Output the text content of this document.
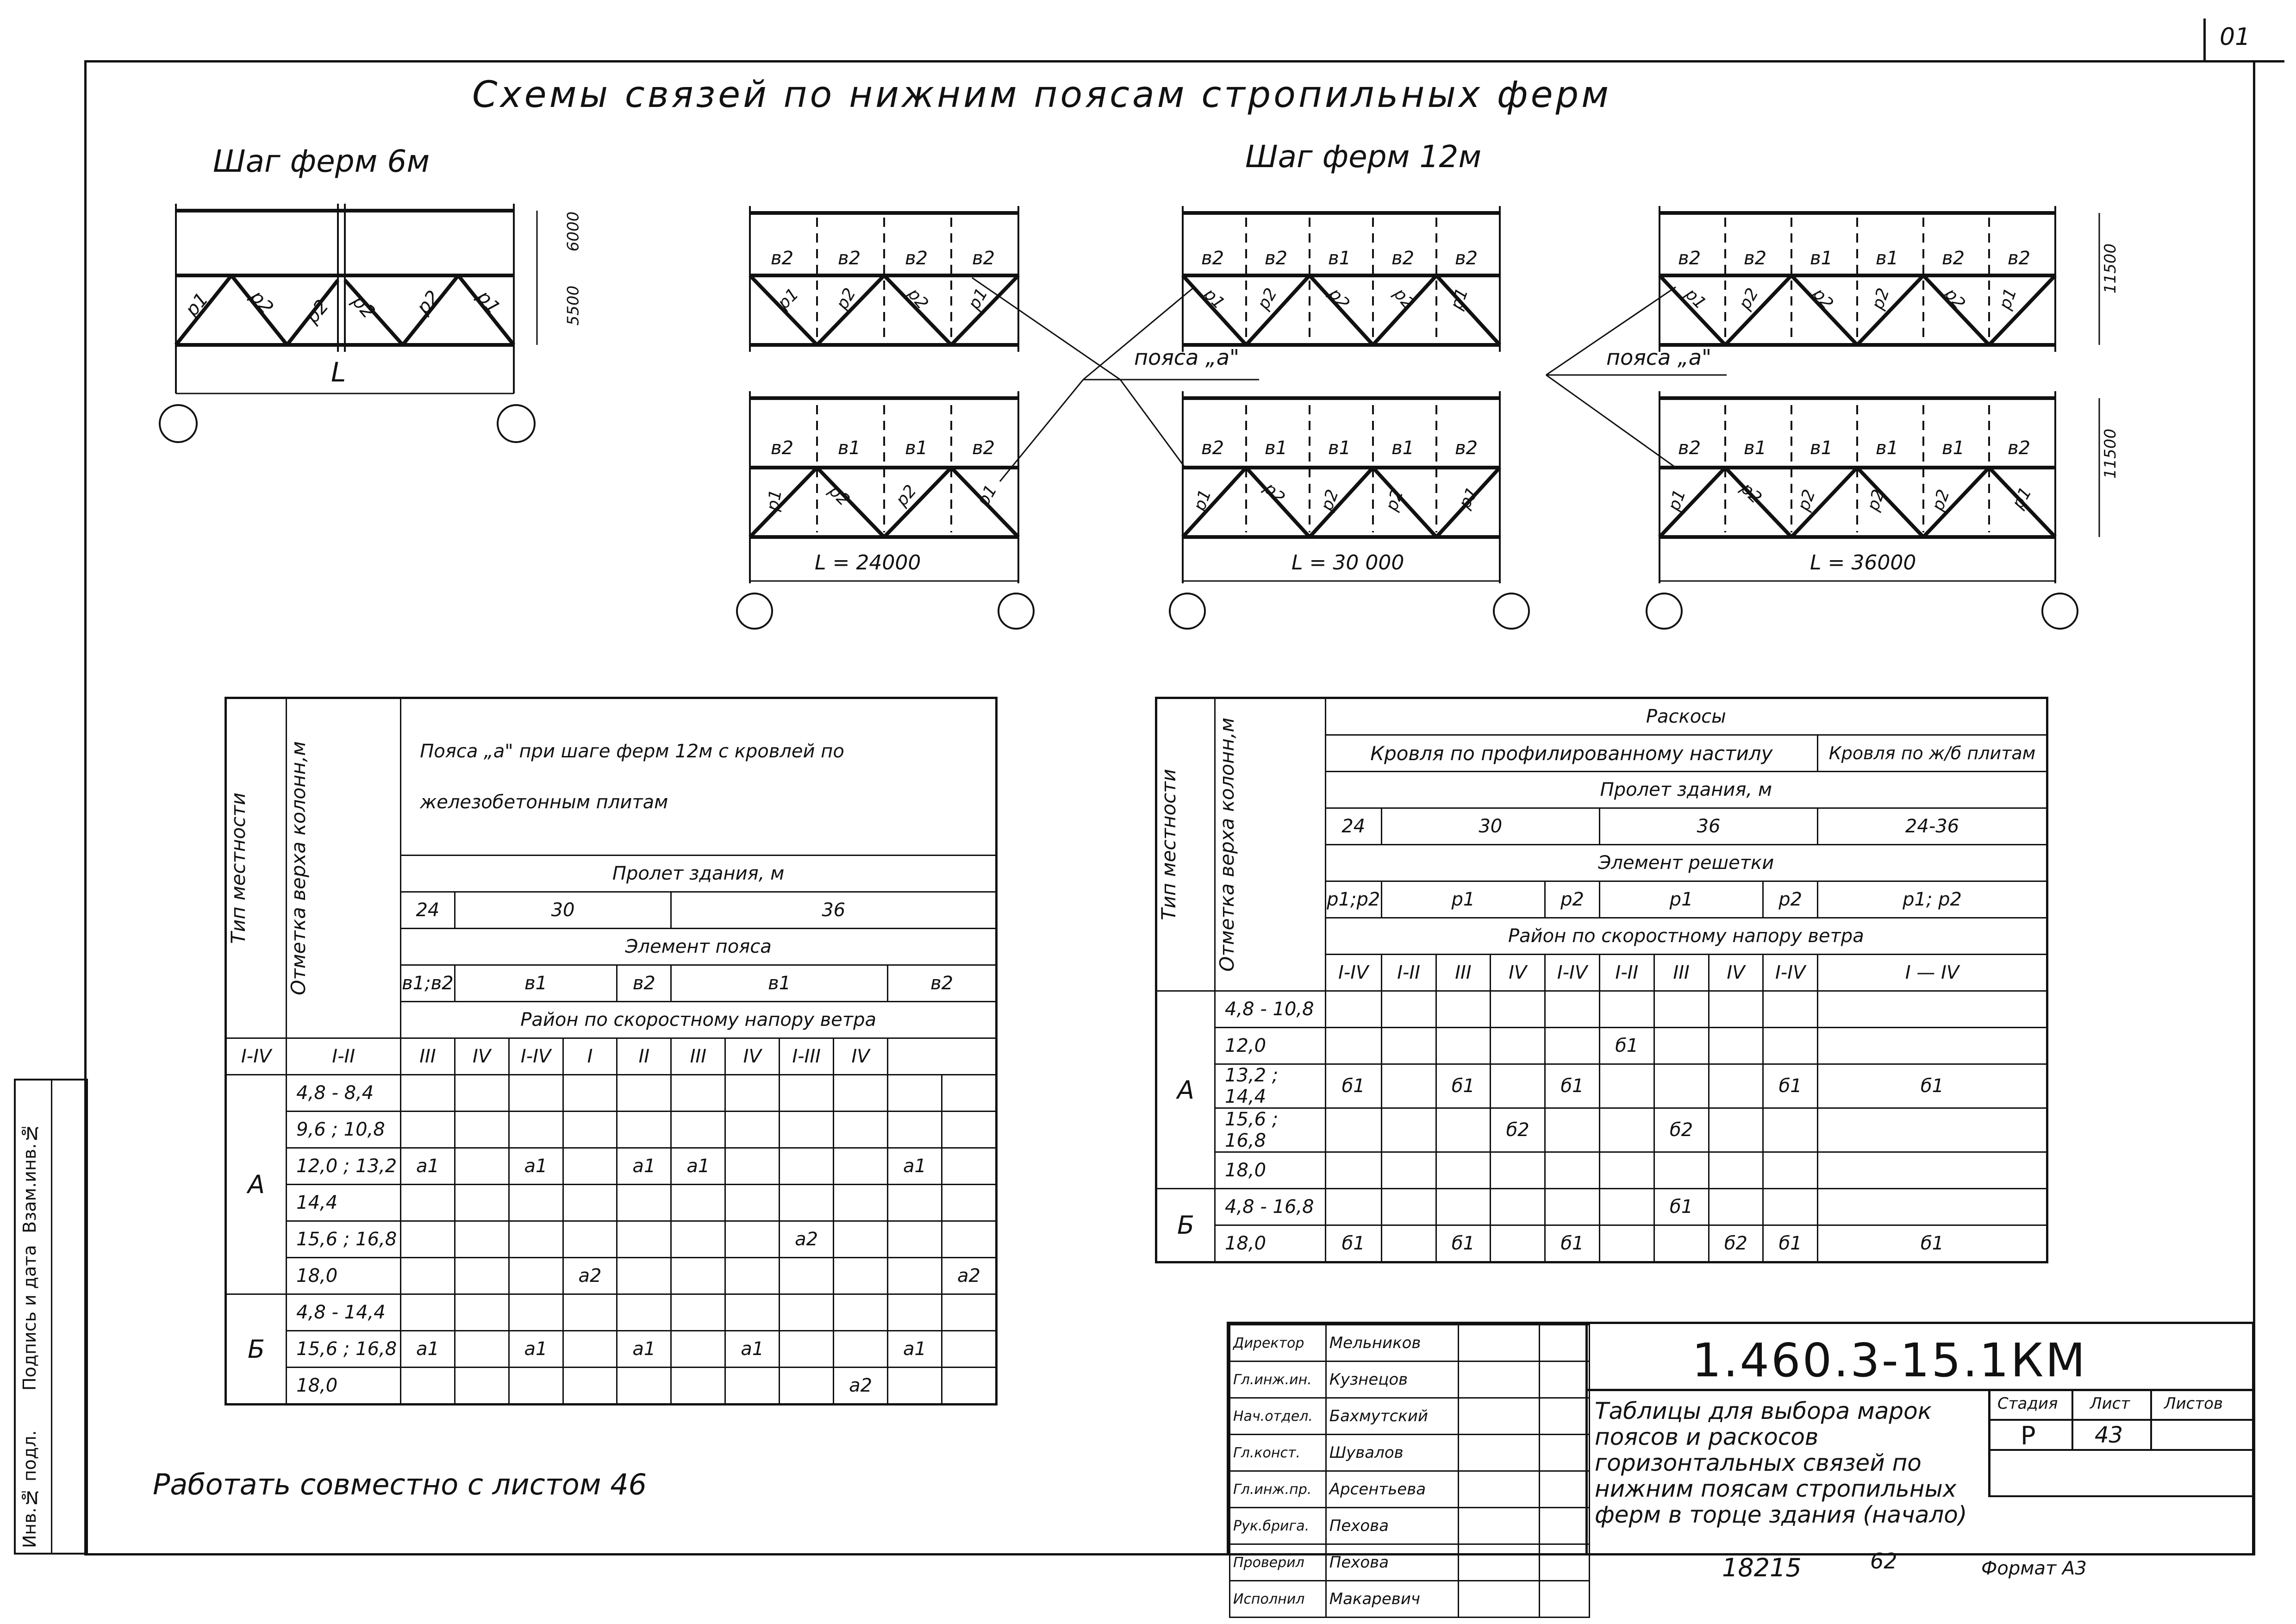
01
Инв.№ подл.
Подпись и дата
Взам.инв.№
Схемы связей по нижним поясам стропильных ферм
Шаг ферм 6м	Шаг ферм 12м
6000
5500
L
p1 p2 p2 p2 p2 p1
в2 в2 в2 в2
p1 p2	p2 p1
в2 в1 в1 в2
p1 p2 p2	p1
в2 в2 в1 в2 в2
p1 p2	p2 p2 p1
в2 в1 в1 в1 в2
p1	p2 p2 p2	p1
в2 в2 в1 в1 в2 в2
p1 p2	p2 p2	p2 p1
в2 в1 в1 в1 в1 в2
p1	p2 p2	p2 p2	p1
пояса „а"	пояса „а"
L = 24000	L = 30 000	L = 36000
11500
11500
Тип местности	Отметка верха колонн,м	Пояса „а" при шаге ферм 12м с кровлей по железобетонным плитам										
		Пролет здания, м										
		24	30				36					
		Элемент пояса										
		в1;в2	в1			в2	в1				в2	
		Район по скоростному напору ветра										
I-IV	I-II	III	IV	I-IV	I	II	III	IV	I-III	IV		
А	4,8 - 8,4											
	9,6 ; 10,8											
	12,0 ; 13,2	а1		а1		а1	а1				а1	
	14,4											
	15,6 ; 16,8								а2			
	18,0				а2							а2
Б	4,8 - 14,4											
	15,6 ; 16,8	а1		а1		а1		а1			а1	
	18,0									а2		
Тип местности	Отметка верха колонн,м	Раскосы									
		Кровля по профилированному настилу									Кровля по ж/б плитам
		Пролет здания, м									
		24	30				36				24-36
		Элемент решетки									
		p1;p2	p1			p2	p1			p2	p1; p2
		Район по скоростному напору ветра									
		I-IV	I-II	III	IV	I-IV	I-II	III	IV	I-IV	I — IV
А	4,8 - 10,8										
	12,0						б1				
	13,2 ; 14,4	б1		б1		б1				б1	б1
	15,6 ; 16,8				б2			б2			
	18,0										
Б	4,8 - 16,8							б1			
	18,0	б1		б1		б1			б2	б1	б1
Работать совместно с листом 46
Директор	Мельников		
Гл.инж.ин.	Кузнецов		
Нач.отдел.	Бахмутский		
Гл.конст.	Шувалов		
Гл.инж.пр.	Арсентьева		
Рук.брига.	Пехова		
Проверил	Пехова		
Исполнил	Макаревич		
1.460.3-15.1КМ
Таблицы для выбора марок поясов и раскосов горизонтальных связей по нижним поясам стропильных ферм в торце здания (начало)
Стадия Лист Листов
Р	43
18215	62	Формат А3
